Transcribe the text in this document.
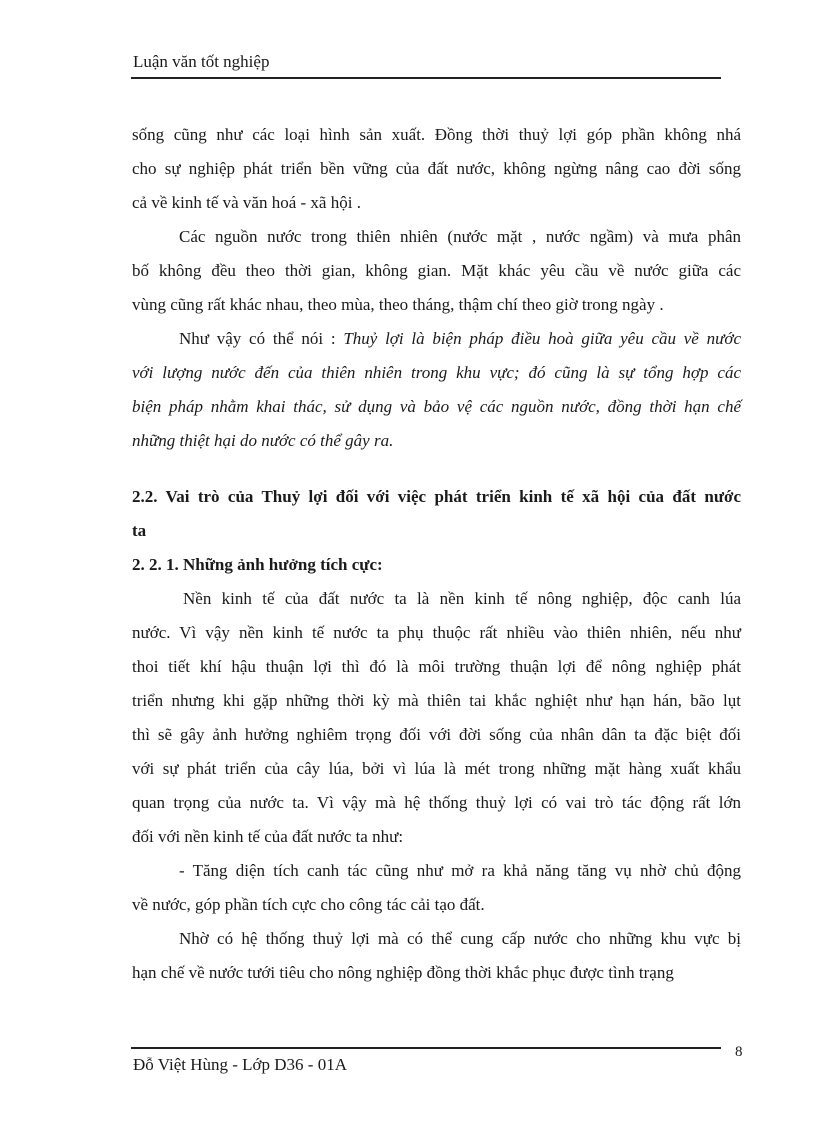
Luận văn tốt nghiệp
sống cũng như các loại hình sản xuất. Đồng thời thuỷ lợi góp phần không nhá
cho sự nghiệp phát triển bền vững của đất nước, không ngừng nâng cao đời sống
cả về kinh tế và văn hoá - xã hội .
Các nguồn nước trong thiên nhiên (nước mặt , nước ngầm) và mưa phân
bố không đều theo thời gian, không gian. Mặt khác yêu cầu về nước giữa các
vùng cũng rất khác nhau, theo mùa, theo tháng, thậm chí theo giờ trong ngày .
Như vậy có thể nói : Thuỷ lợi là biện pháp điều hoà giữa yêu cầu về nước
với lượng nước đến của thiên nhiên trong khu vực; đó cũng là sự tổng hợp các
biện pháp nhằm khai thác, sử dụng và bảo vệ các nguồn nước, đồng thời hạn chế
những thiệt hại do nước có thể gây ra.
2.2. Vai trò của Thuỷ lợi đối với việc phát triển kinh tế xã hội của đất nước
ta
2. 2. 1. Những ảnh hưởng tích cực:
Nền kinh tế của đất nước ta là nền kinh tế nông nghiệp, độc canh lúa
nước. Vì vậy nền kinh tế nước ta phụ thuộc rất nhiều vào thiên nhiên, nếu như
thoi tiết khí hậu thuận lợi thì đó là môi trường thuận lợi để nông nghiệp phát
triển nhưng khi gặp những thời kỳ mà thiên tai khắc nghiệt như hạn hán, bão lụt
thì sẽ gây ảnh hưởng nghiêm trọng đối với đời sống của nhân dân ta đặc biệt đối
với sự phát triển của cây lúa, bởi vì lúa là mét trong những mặt hàng xuất khẩu
quan trọng của nước ta. Vì vậy mà hệ thống thuỷ lợi có vai trò tác động rất lớn
đối với nền kinh tế của đất nước ta như:
- Tăng diện tích canh tác cũng như mở ra khả năng tăng vụ nhờ chủ động
về nước, góp phần tích cực cho công tác cải tạo đất.
Nhờ có hệ thống thuỷ lợi mà có thể cung cấp nước cho những khu vực bị
hạn chế về nước tưới tiêu cho nông nghiệp đồng thời khắc phục được tình trạng
Đỗ Việt Hùng - Lớp D36 - 01A
8
